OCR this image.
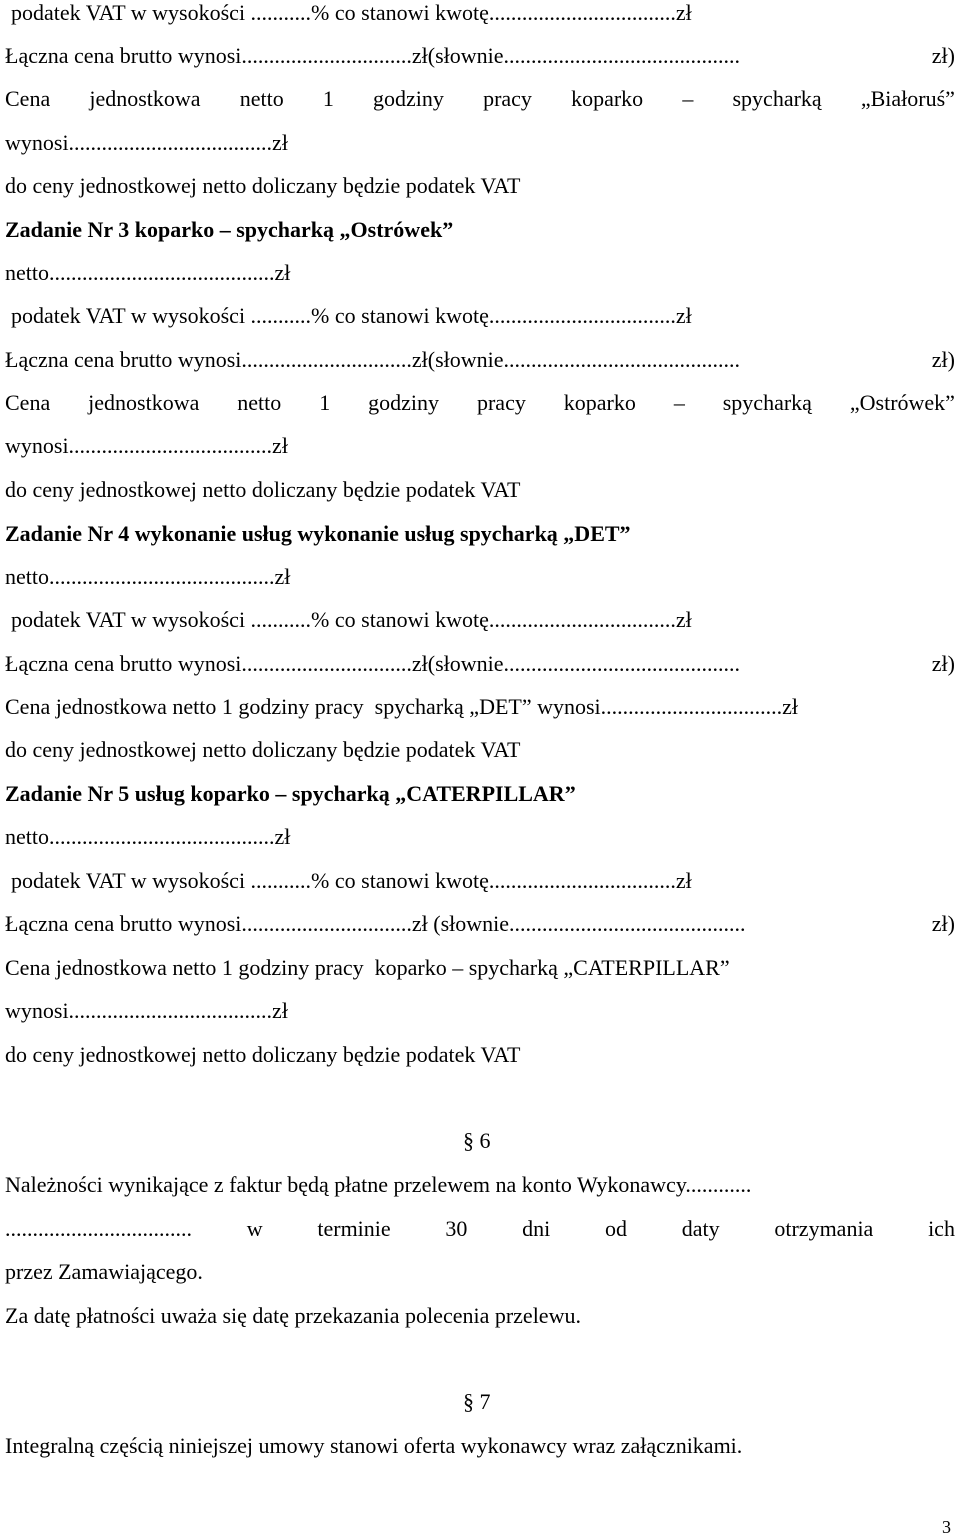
podatek VAT w wysokości ...........% co stanowi kwotę..................................zł
Łączna cena brutto wynosi...............................zł(słownie...........................................	zł)
Cena jednostkowa netto 1 godziny pracy koparko – spycharką „Białoruś”
wynosi.....................................zł
do ceny jednostkowej netto doliczany będzie podatek VAT
Zadanie Nr 3 koparko – spycharką „Ostrówek”
netto.........................................zł
podatek VAT w wysokości ...........% co stanowi kwotę..................................zł
Łączna cena brutto wynosi...............................zł(słownie...........................................	zł)
Cena jednostkowa netto 1 godziny pracy koparko – spycharką „Ostrówek”
wynosi.....................................zł
do ceny jednostkowej netto doliczany będzie podatek VAT
Zadanie Nr 4 wykonanie usług wykonanie usług spycharką „DET”
netto.........................................zł
podatek VAT w wysokości ...........% co stanowi kwotę..................................zł
Łączna cena brutto wynosi...............................zł(słownie...........................................	zł)
Cena jednostkowa netto 1 godziny pracy  spycharką „DET” wynosi.................................zł
do ceny jednostkowej netto doliczany będzie podatek VAT
Zadanie Nr 5 usług koparko – spycharką „CATERPILLAR”
netto.........................................zł
podatek VAT w wysokości ...........% co stanowi kwotę..................................zł
Łączna cena brutto wynosi...............................zł (słownie...........................................	zł)
Cena jednostkowa netto 1 godziny pracy  koparko – spycharką „CATERPILLAR”
wynosi.....................................zł
do ceny jednostkowej netto doliczany będzie podatek VAT
§ 6
Należności wynikające z faktur będą płatne przelewem na konto Wykonawcy............
.................................. w terminie 30 dni od daty otrzymania ich
przez Zamawiającego.
Za datę płatności uważa się datę przekazania polecenia przelewu.
§ 7
Integralną częścią niniejszej umowy stanowi oferta wykonawcy wraz załącznikami.
3
